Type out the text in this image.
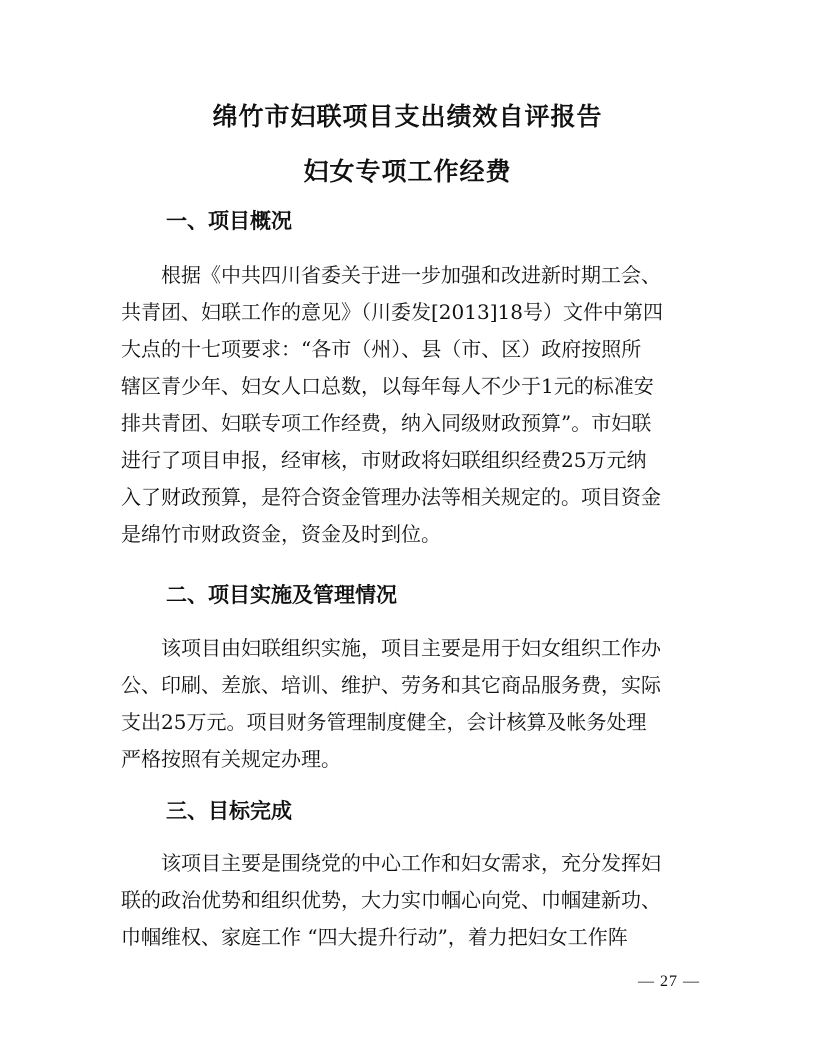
绵竹市妇联项目支出绩效自评报告
妇女专项工作经费
一、项目概况
根据《中共四川省委关于进一步加强和改进新时期工会、
共青团、妇联工作的意见》（川委发[2013]18号）文件中第四
大点的十七项要求：“各市（州）、县（市、区）政府按照所
辖区青少年、妇女人口总数，以每年每人不少于1元的标准安
排共青团、妇联专项工作经费，纳入同级财政预算”。市妇联
进行了项目申报，经审核，市财政将妇联组织经费25万元纳
入了财政预算，是符合资金管理办法等相关规定的。项目资金
是绵竹市财政资金，资金及时到位。
二、项目实施及管理情况
该项目由妇联组织实施，项目主要是用于妇女组织工作办
公、印刷、差旅、培训、维护、劳务和其它商品服务费，实际
支出25万元。项目财务管理制度健全，会计核算及帐务处理
严格按照有关规定办理。
三、目标完成
该项目主要是围绕党的中心工作和妇女需求，充分发挥妇
联的政治优势和组织优势，大力实巾帼心向党、巾帼建新功、
巾帼维权、家庭工作 “四大提升行动”，着力把妇女工作阵
— 27 —
